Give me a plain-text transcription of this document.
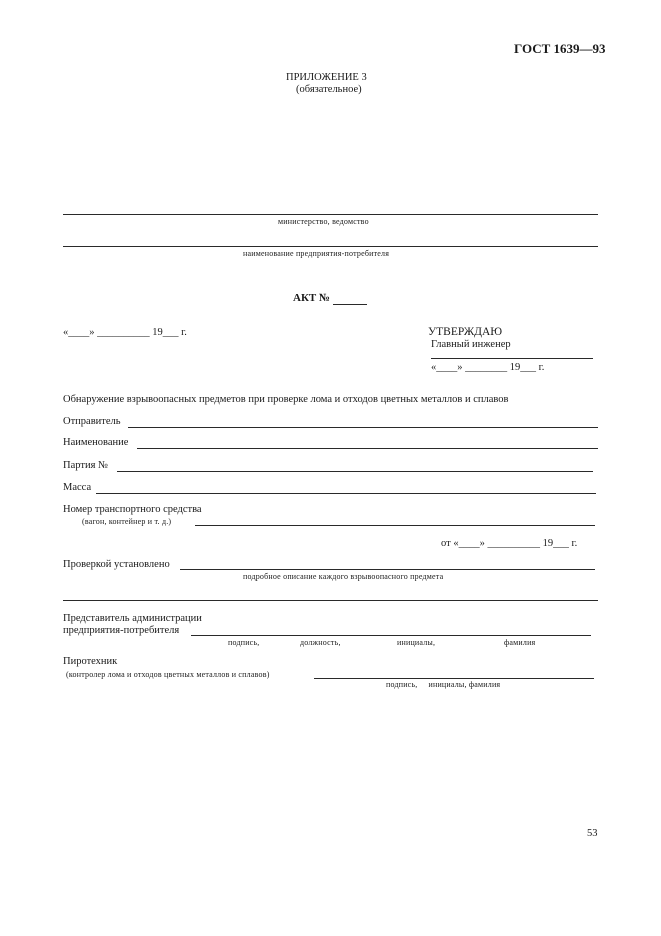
ГОСТ 1639—93
ПРИЛОЖЕНИЕ 3
(обязательное)
министерство, ведомство
наименование предприятия-потребителя
АКТ №
«____» __________ 19___ г.	УТВЕРЖДАЮ
Главный инженер
«____» ________ 19___ г.
Обнаружение взрывоопасных предметов при проверке лома и отходов цветных металлов и сплавов
Отправитель
Наименование
Партия №
Масса
Номер транспортного средства
(вагон, контейнер и т. д.)
от «____» __________ 19___ г.
Проверкой установлено
подробное описание каждого взрывоопасного предмета
Представитель администрации
предприятия-потребителя
подпись,	должность,	инициалы,	фамилия
Пиротехник
(контролер лома и отходов цветных металлов и сплавов)
подпись,     инициалы, фамилия
53
